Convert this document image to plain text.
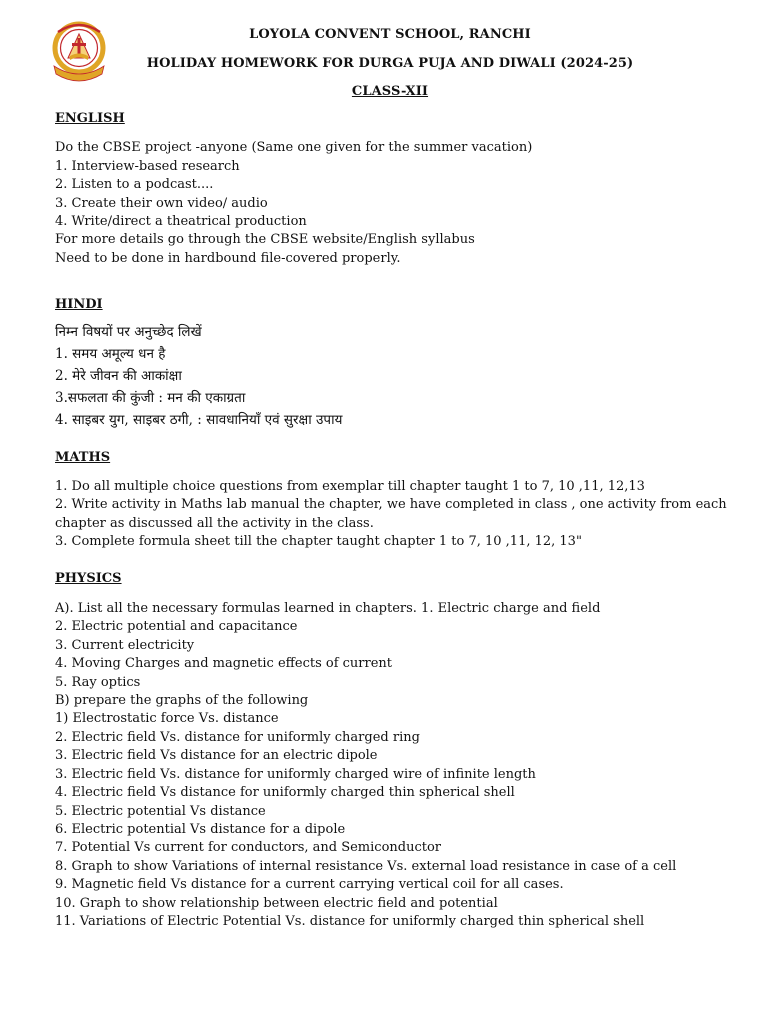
LOYOLA CONVENT SCHOOL, RANCHI
HOLIDAY HOMEWORK FOR DURGA PUJA AND DIWALI (2024-25)
CLASS-XII
ENGLISH
Do the CBSE project -anyone (Same one given for the summer vacation)
1. Interview-based research
2. Listen to a podcast....
3. Create their own video/ audio
4. Write/direct a theatrical production
For more details go through the CBSE website/English syllabus
Need to be done in hardbound file-covered properly.
HINDI
निम्न विषयों पर अनुच्छेद लिखें
1. समय अमूल्य धन है
2. मेरे जीवन की आकांक्षा
3.सफलता की कुंजी : मन की एकाग्रता
4. साइबर युग, साइबर ठगी, : सावधानियाँ एवं सुरक्षा उपाय
MATHS
1. Do all multiple choice questions from exemplar till chapter taught 1 to 7, 10 ,11, 12,13
2. Write activity in Maths lab manual the chapter, we have completed in class , one activity from each chapter as discussed all the activity in the class.
3. Complete formula sheet till the chapter taught chapter 1 to 7, 10 ,11, 12, 13"
PHYSICS
A). List all the necessary formulas learned in chapters. 1. Electric charge and field
2. Electric potential and capacitance
3. Current electricity
4. Moving Charges and magnetic effects of current
5. Ray optics
B) prepare the graphs of the following
1) Electrostatic force Vs. distance
2. Electric field Vs. distance for uniformly charged ring
3. Electric field Vs distance for an electric dipole
3. Electric field Vs. distance for uniformly charged wire of infinite length
4. Electric field Vs distance for uniformly charged thin spherical shell
5. Electric potential Vs distance
6. Electric potential Vs distance for a dipole
7. Potential Vs current for conductors, and Semiconductor
8. Graph to show Variations of internal resistance Vs. external load resistance in case of a cell
9. Magnetic field Vs distance for a current carrying vertical coil for all cases.
10. Graph to show relationship between electric field and potential
11. Variations of Electric Potential Vs. distance for uniformly charged thin spherical shell
